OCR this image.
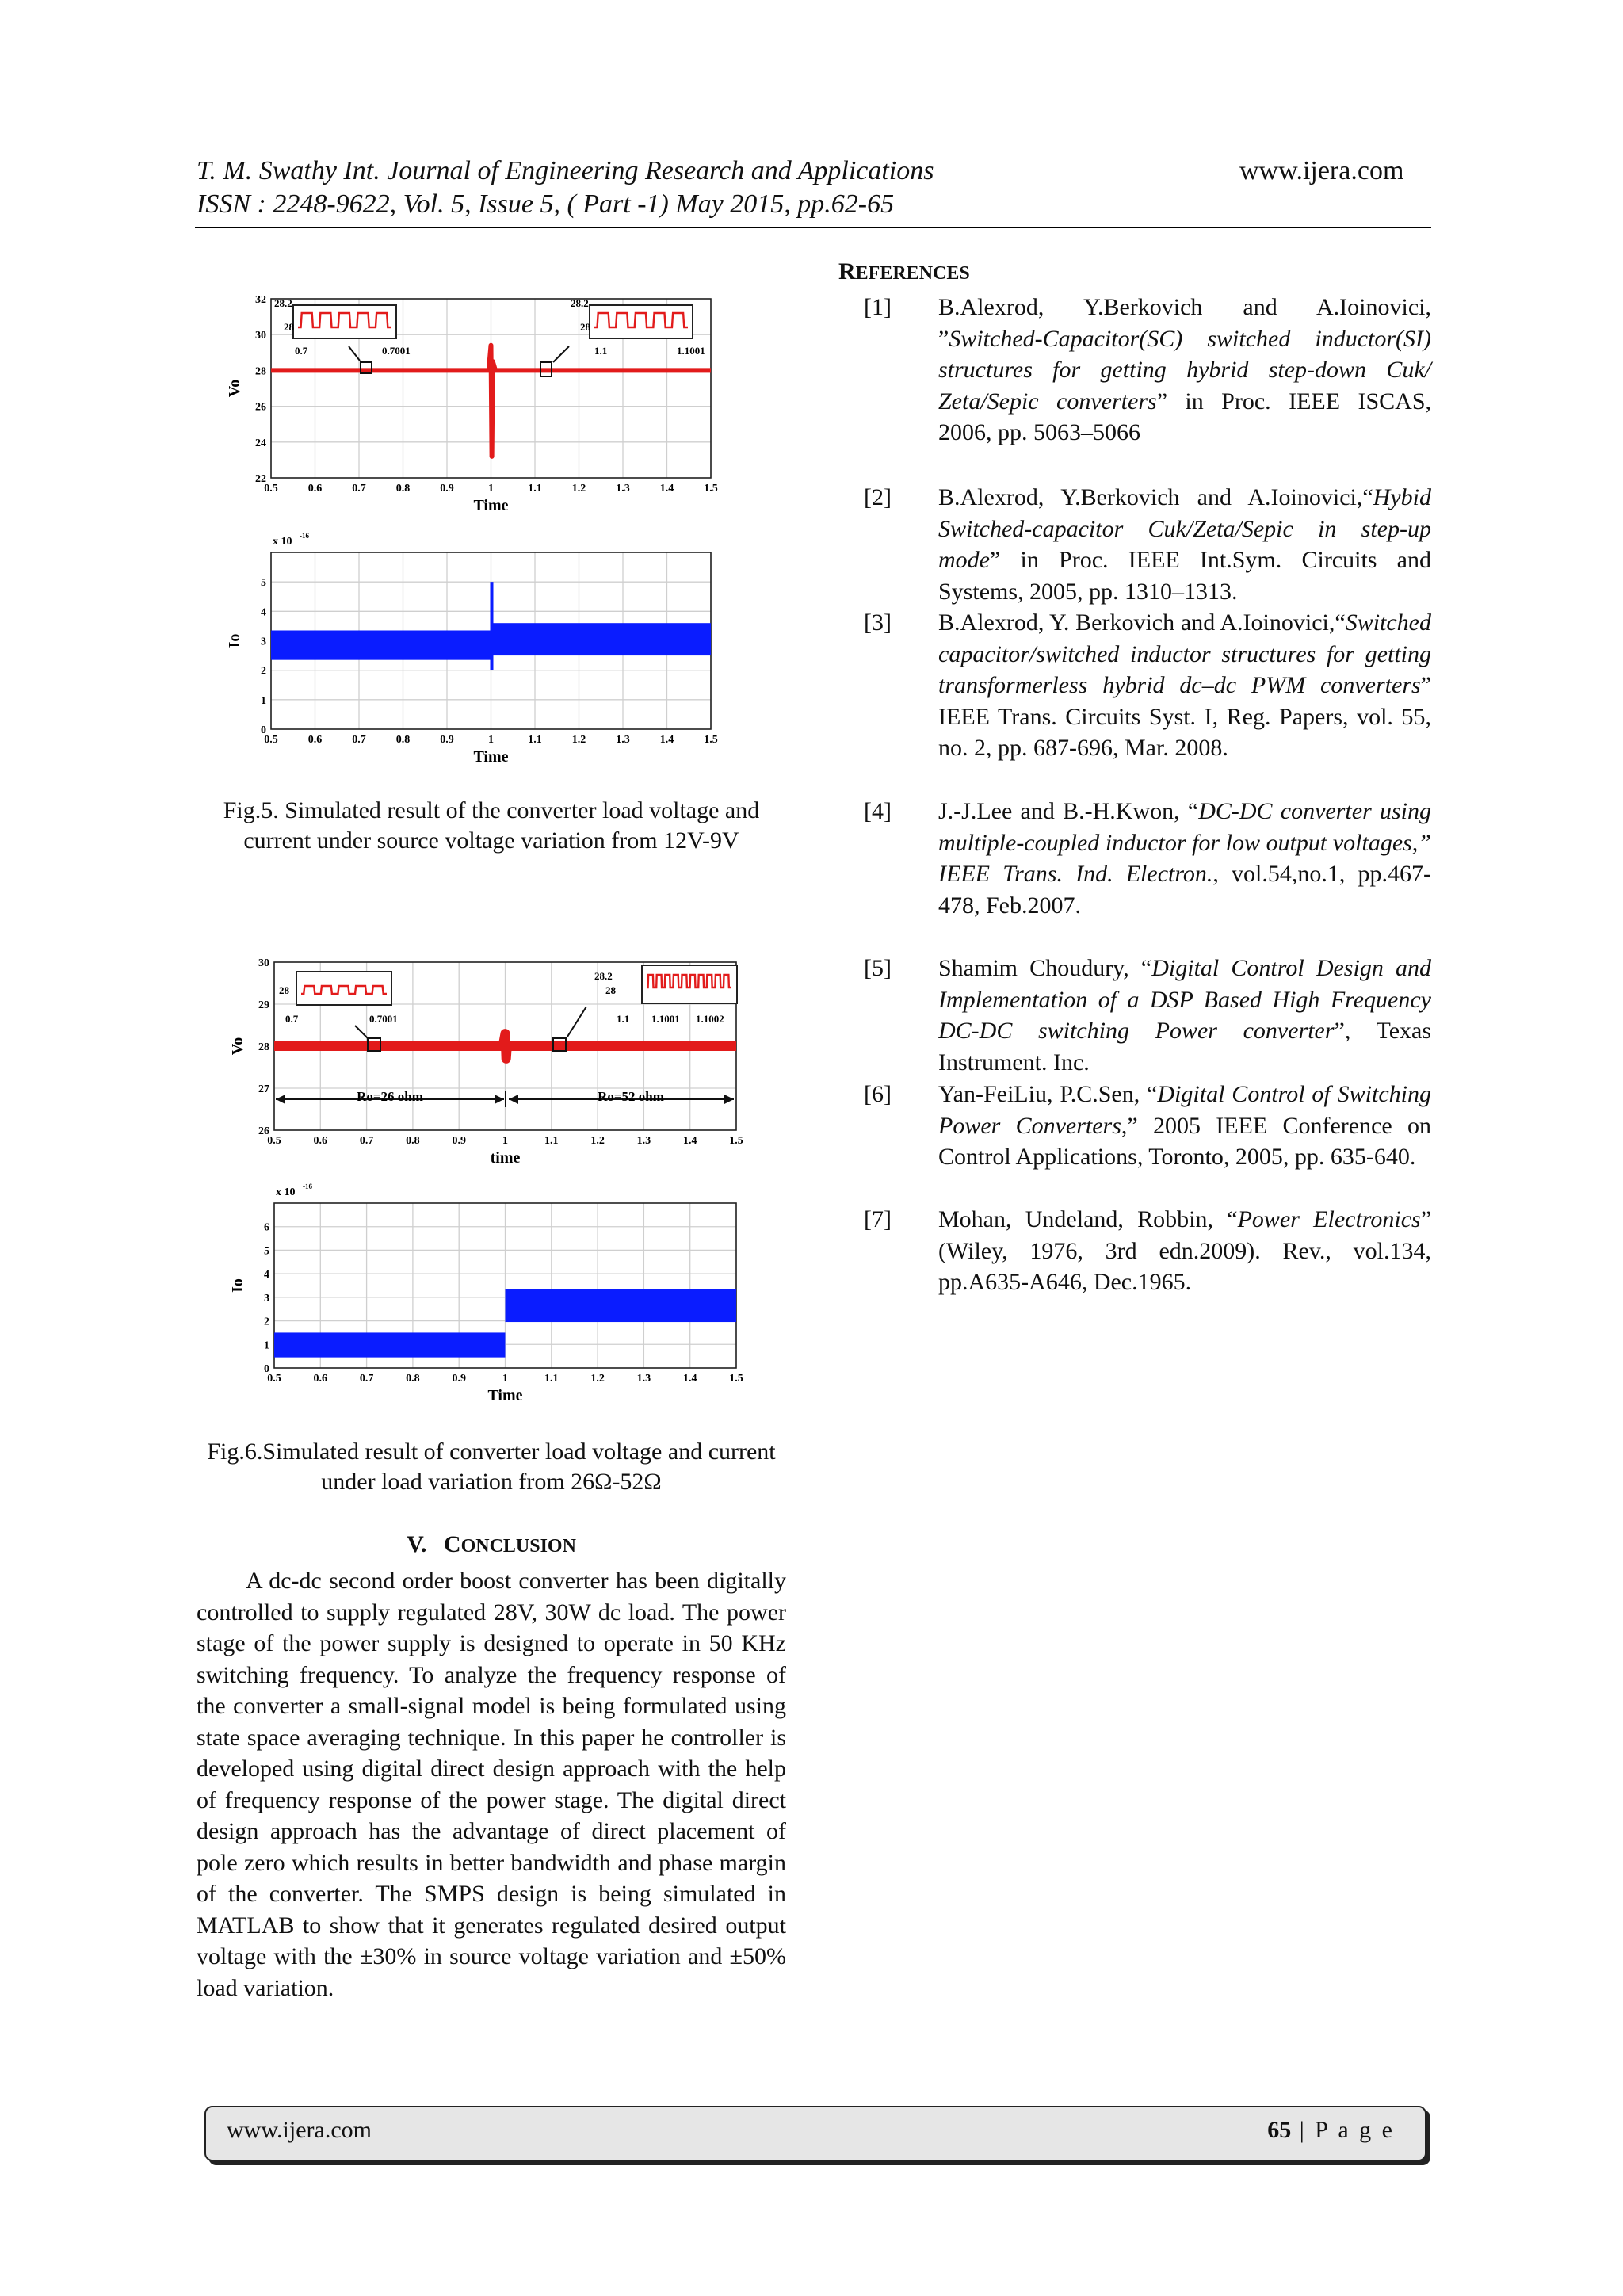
T. M. Swathy Int. Journal of Engineering Research and Applications
ISSN : 2248-9622, Vol. 5, Issue 5, ( Part -1) May 2015, pp.62-65
www.ijera.com
0.5	0.6	0.7	0.8	0.9	1	1.1	1.2	1.3	1.4	1.5
22
24
26
28
30
32
Time
Vo
28.2
28
0.7	0.7001
28.2
28
1.1	1.1001
0.5	0.6	0.7	0.8	0.9	1	1.1	1.2	1.3	1.4	1.5
0
1
2
3
4
5
Time
Io
x 10 -16
Fig.5. Simulated result of the converter load voltage and current under source voltage variation from 12V-9V
0.5	0.6	0.7	0.8	0.9	1	1.1	1.2	1.3	1.4	1.5
26
27
28
29
30
time
Vo
28
0.7	0.7001
28.2
28
1.1 1.1001 1.1002
Ro=26 ohm	Ro=52 ohm
0.5	0.6	0.7	0.8	0.9	1	1.1	1.2	1.3	1.4	1.5
0
1
2
3
4
5
6
Time
Io
x 10 -16
Fig.6.Simulated result of converter load voltage and current under load variation from 26Ω-52Ω
V. CONCLUSION
A dc-dc second order boost converter has been digitally controlled to supply regulated 28V, 30W dc load. The power stage of the power supply is designed to operate in 50 KHz switching frequency. To analyze the frequency response of the converter a small-signal model is being formulated using state space averaging technique. In this paper he controller is developed using digital direct design approach with the help of frequency response of the power stage. The digital direct design approach has the advantage of direct placement of pole zero which results in better bandwidth and phase margin of the converter. The SMPS design is being simulated in MATLAB to show that it generates regulated desired output voltage with the ±30% in source voltage variation and ±50% load variation.
REFERENCES
[1]	B.Alexrod, Y.Berkovich and A.Ioinovici, ”Switched-Capacitor(SC) switched inductor(SI) structures for getting hybrid step-down Cuk/ Zeta/Sepic converters” in Proc. IEEE ISCAS, 2006, pp. 5063–5066
[2]	B.Alexrod, Y.Berkovich and A.Ioinovici,“Hybid Switched-capacitor Cuk/Zeta/Sepic in step-up mode” in Proc. IEEE Int.Sym. Circuits and Systems, 2005, pp. 1310–1313.
[3]	B.Alexrod, Y. Berkovich and A.Ioinovici,“Switched capacitor/switched inductor structures for getting transformerless hybrid dc–dc PWM converters” IEEE Trans. Circuits Syst. I, Reg. Papers, vol. 55, no. 2, pp. 687-696, Mar. 2008.
[4]	J.-J.Lee and B.-H.Kwon, “DC-DC converter using multiple-coupled inductor for low output voltages,” IEEE Trans. Ind. Electron., vol.54,no.1, pp.467-478, Feb.2007.
[5]	Shamim Choudury, “Digital Control Design and Implementation of a DSP Based High Frequency DC-DC switching Power converter”, Texas Instrument. Inc.
[6]	Yan-FeiLiu, P.C.Sen, “Digital Control of Switching Power Converters,” 2005 IEEE Conference on Control Applications, Toronto, 2005, pp. 635-640.
[7]	Mohan, Undeland, Robbin, “Power Electronics” (Wiley, 1976, 3rd edn.2009). Rev., vol.134, pp.A635-A646, Dec.1965.
www.ijera.com	65 | P a g e
